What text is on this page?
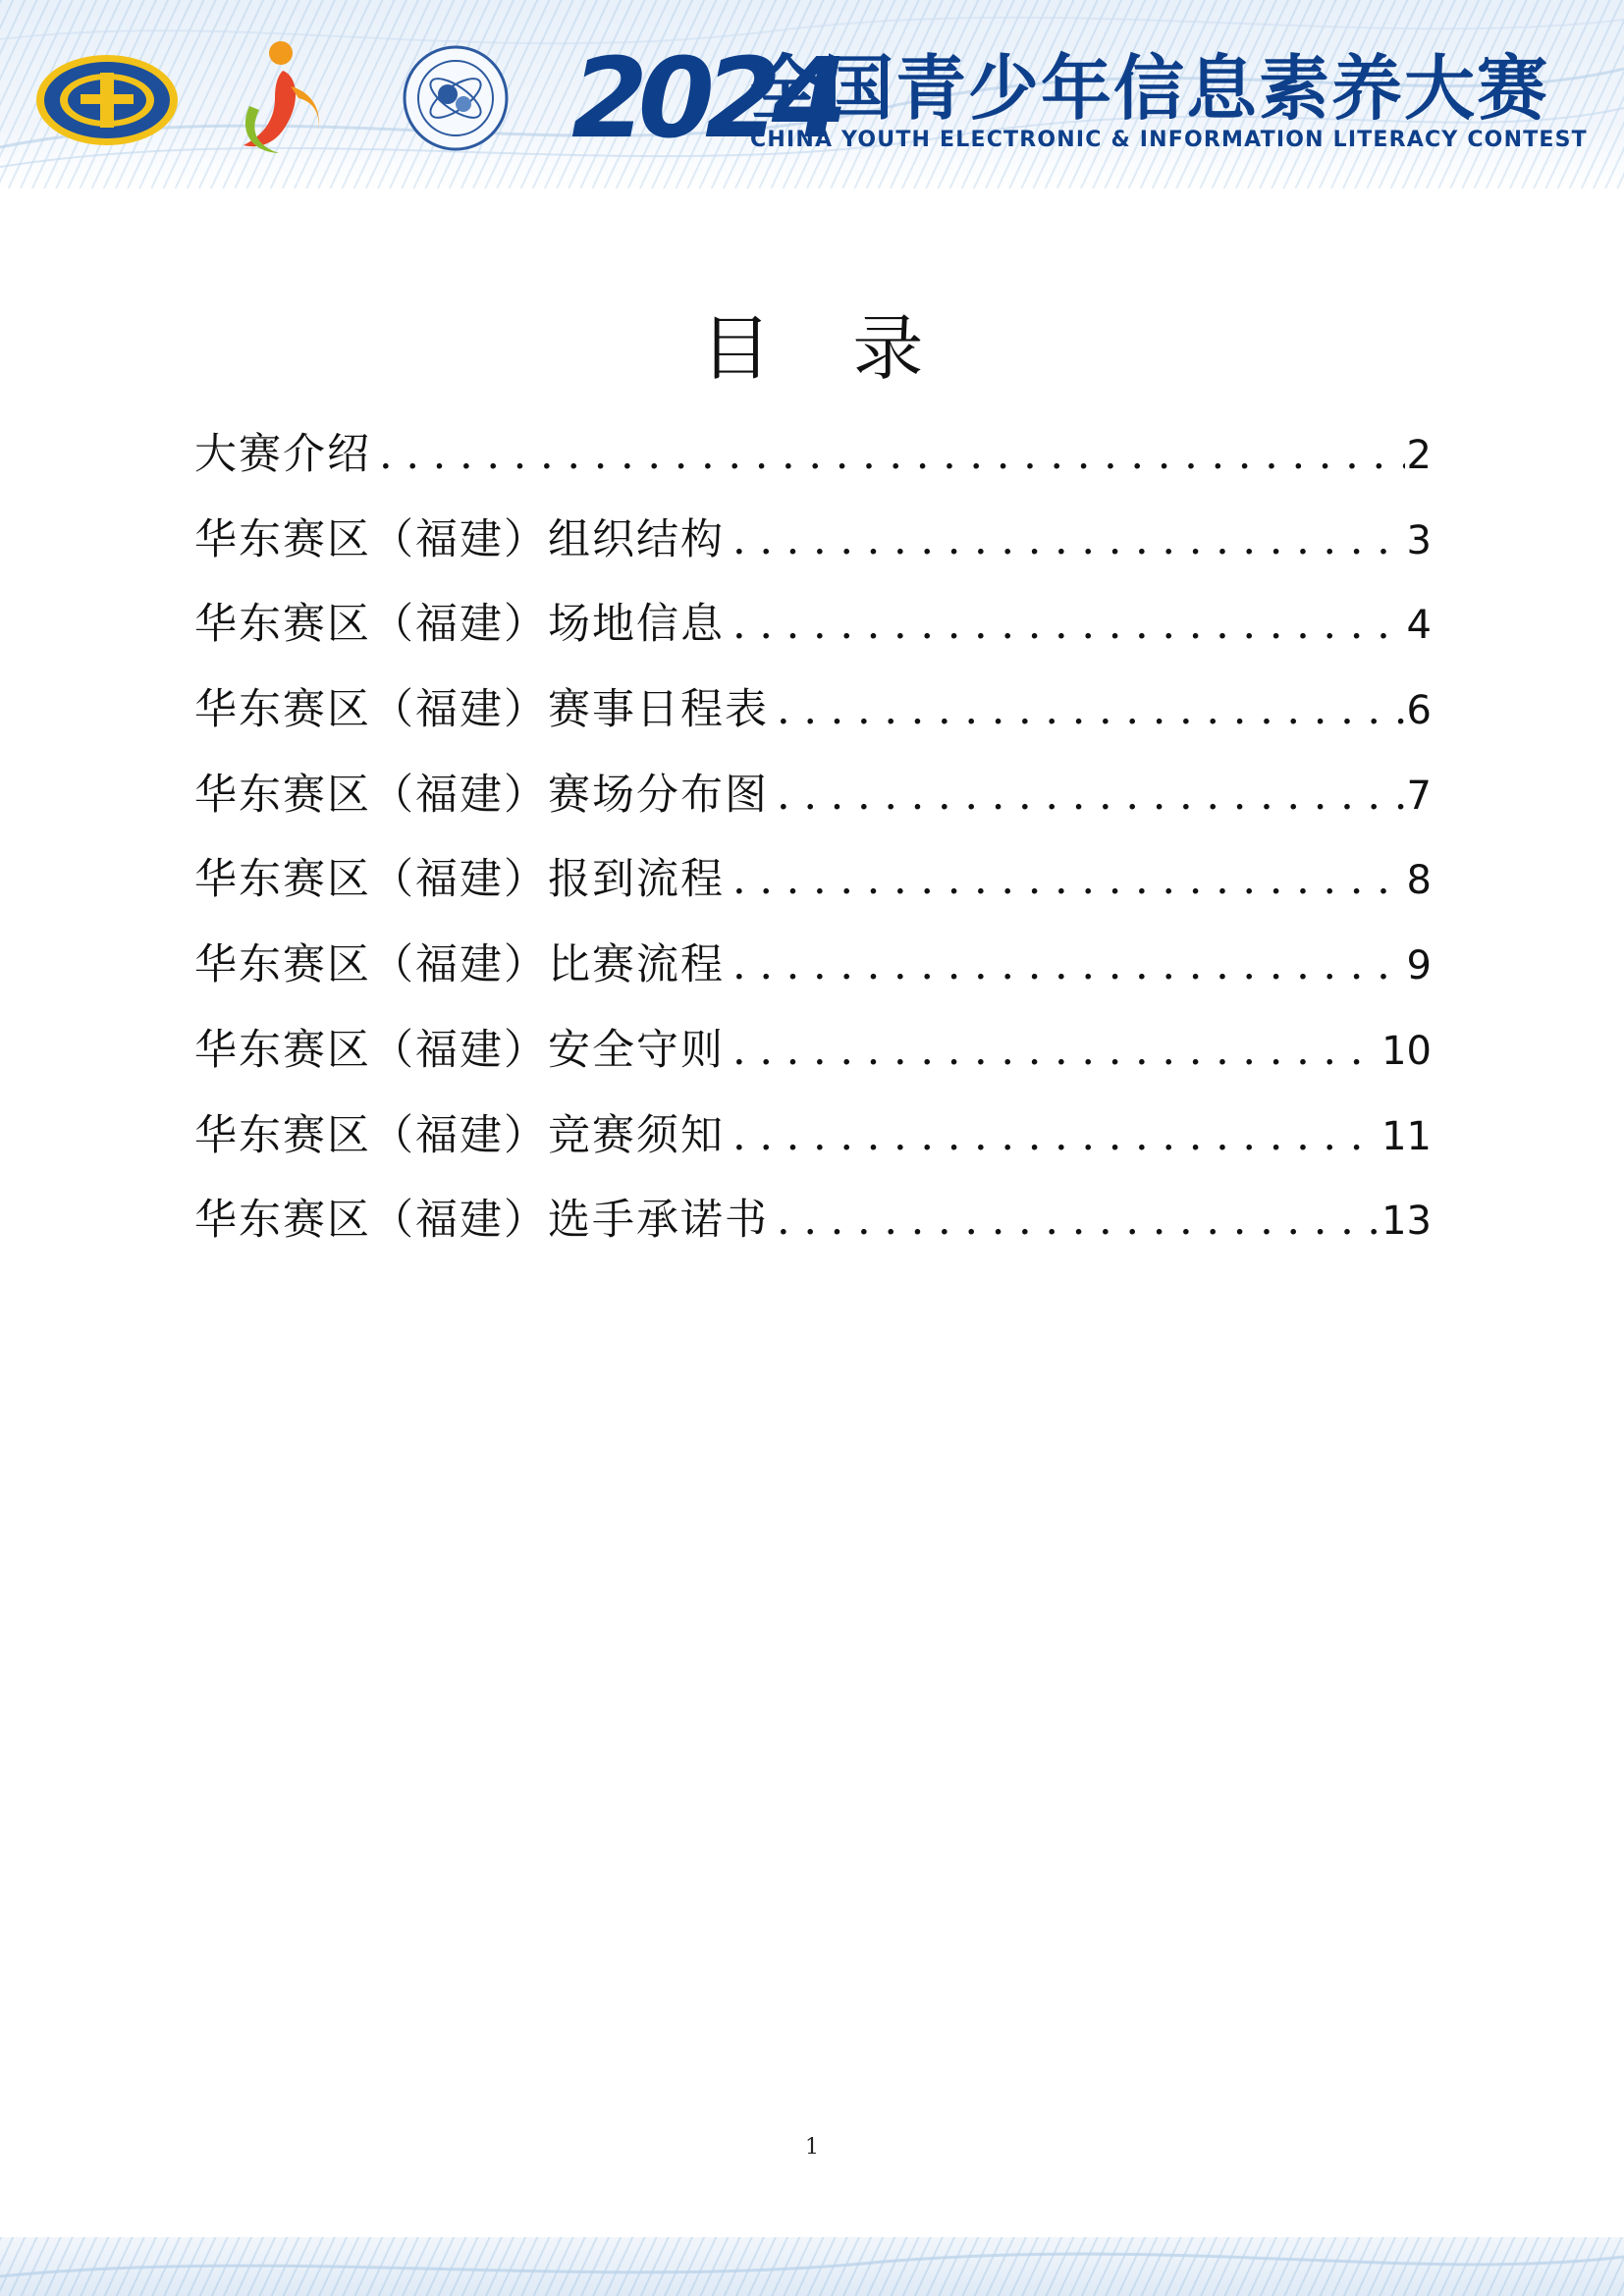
2024
全国青少年信息素养大赛
CHINA YOUTH ELECTRONIC & INFORMATION LITERACY CONTEST
目 录
大赛介绍 . . .	2
华东赛区（福建）组织结构 . . .	3
华东赛区（福建）场地信息 . . .	4
华东赛区（福建）赛事日程表 . . .	6
华东赛区（福建）赛场分布图 . . .	7
华东赛区（福建）报到流程 . . .	8
华东赛区（福建）比赛流程 . . .	9
华东赛区（福建）安全守则 . . .	10
华东赛区（福建）竞赛须知 . . .	11
华东赛区（福建）选手承诺书 . . .	13
1
